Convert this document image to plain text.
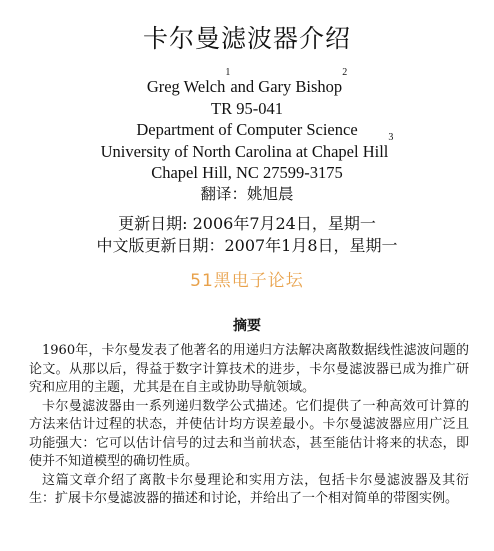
卡尔曼滤波器介绍
Greg Welch$^1$and Gary Bishop$^2$
TR 95-041
Department of Computer Science
University of North Carolina at Chapel Hill$^3$
Chapel Hill, NC 27599-3175
翻译：姚旭晨
更新日期: 2006年7月24日，星期一
中文版更新日期：2007年1月8日，星期一
51黑电子论坛
摘要

1960年，卡尔曼发表了他著名的用递归方法解决离散数据线性滤波问题的论文。从那以后，得益于数字计算技术的进步，卡尔曼滤波器已成为推广研究和应用的主题，尤其是在自主或协助导航领域。

卡尔曼滤波器由一系列递归数学公式描述。它们提供了一种高效可计算的方法来估计过程的状态，并使估计均方误差最小。卡尔曼滤波器应用广泛且功能强大：它可以估计信号的过去和当前状态，甚至能估计将来的状态，即使并不知道模型的确切性质。

这篇文章介绍了离散卡尔曼理论和实用方法，包括卡尔曼滤波器及其衍生：扩展卡尔曼滤波器的描述和讨论，并给出了一个相对简单的带图实例。
